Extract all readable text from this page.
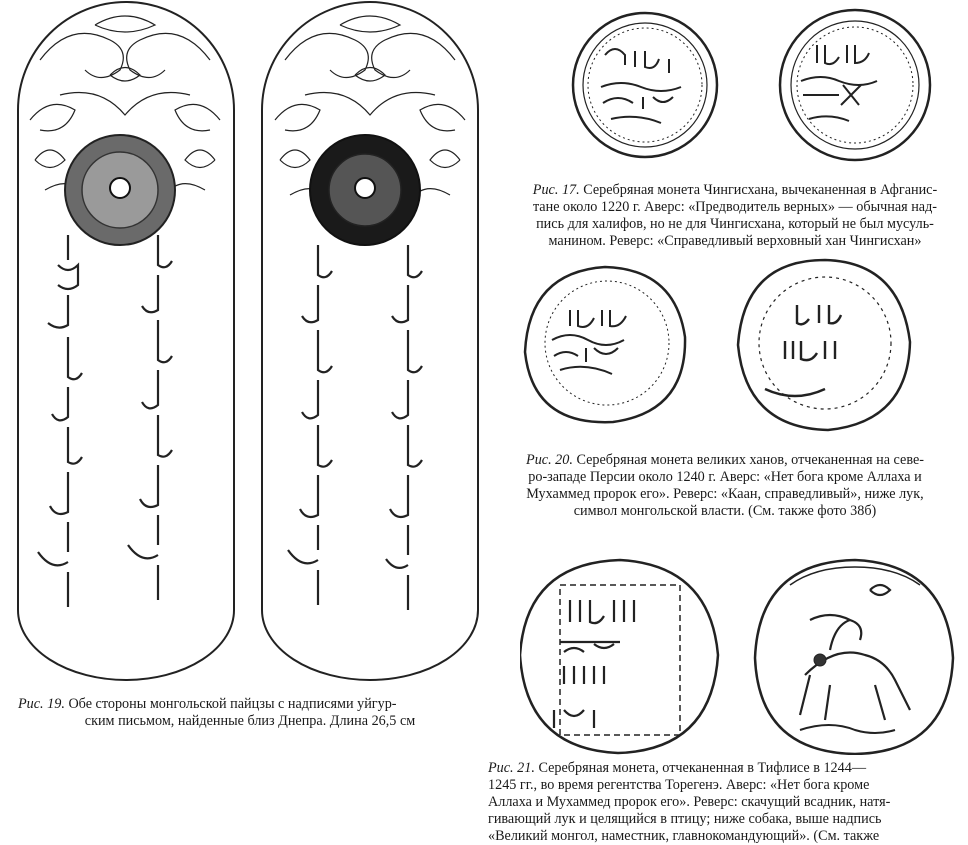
Рис. 17. Серебряная монета Чингисхана, вычеканенная в Афганис-
тане около 1220 г. Аверс: «Предводитель верных» — обычная над-
пись для халифов, но не для Чингисхана, который не был мусуль-
манином. Реверс: «Справедливый верховный хан Чингисхан»
Рис. 20. Серебряная монета великих ханов, отчеканенная на севе-
ро-западе Персии около 1240 г. Аверс: «Нет бога кроме Аллаха и
Мухаммед пророк его». Реверс: «Каан, справедливый», ниже лук,
символ монгольской власти. (См. также фото 38б)
Рис. 19. Обе стороны монгольской пайцзы с надписями уйгур-
ским письмом, найденные близ Днепра. Длина 26,5 см
Рис. 21. Серебряная монета, отчеканенная в Тифлисе в 1244—
1245 гг., во время регентства Торегенэ. Аверс: «Нет бога кроме
Аллаха и Мухаммед пророк его». Реверс: скачущий всадник, натя-
гивающий лук и целящийся в птицу; ниже собака, выше надпись
«Великий монгол, наместник, главнокомандующий». (См. также
